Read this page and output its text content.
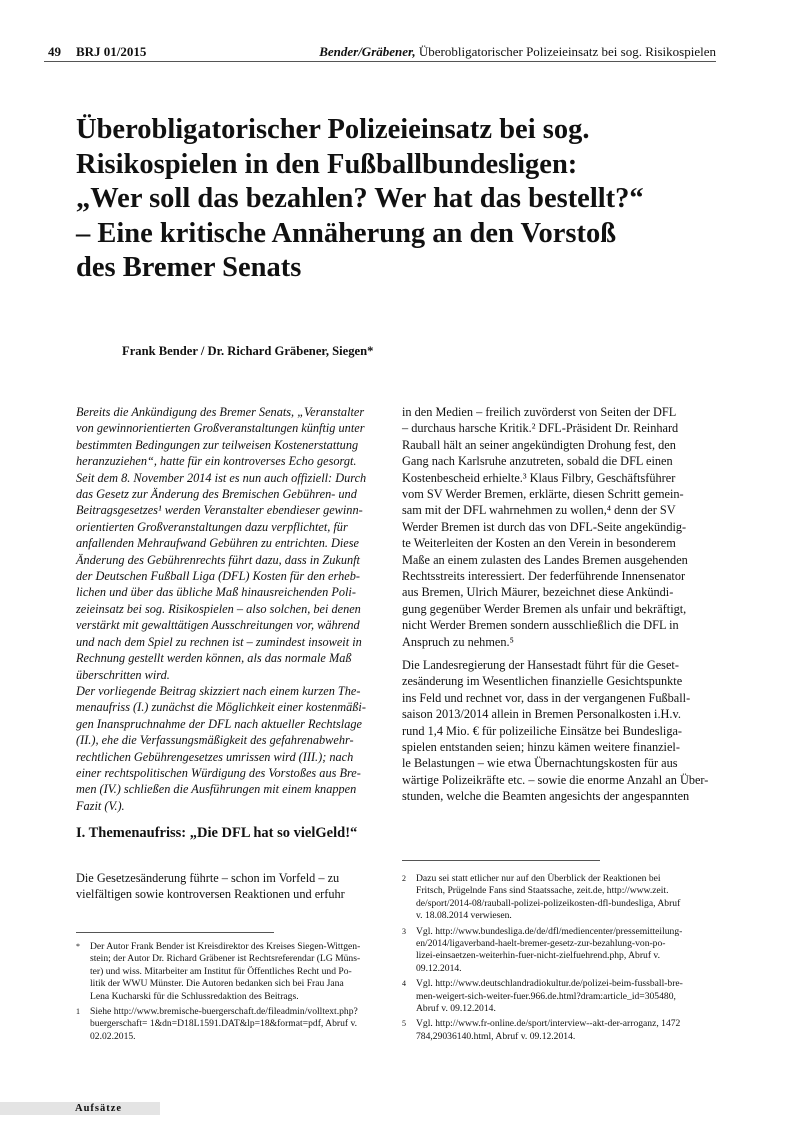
49 BRJ 01/2015	Bender/Gräbener, Überobligatorischer Polizeieinsatz bei sog. Risikospielen
Überobligatorischer Polizeieinsatz bei sog.
Risikospielen in den Fußballbundesligen:
„Wer soll das bezahlen? Wer hat das bestellt?“
– Eine kritische Annäherung an den Vorstoß
des Bremer Senats
Frank Bender / Dr. Richard Gräbener, Siegen*
Bereits die Ankündigung des Bremer Senats, „Veranstalter
von gewinnorientierten Großveranstaltungen künftig unter
bestimmten Bedingungen zur teilweisen Kostenerstattung
heranzuziehen“, hatte für ein kontroverses Echo gesorgt.
Seit dem 8. November 2014 ist es nun auch offiziell: Durch
das Gesetz zur Änderung des Bremischen Gebühren- und
Beitragsgesetzes¹ werden Veranstalter ebendieser gewinn-
orientierten Großveranstaltungen dazu verpflichtet, für
anfallenden Mehraufwand Gebühren zu entrichten. Diese
Änderung des Gebührenrechts führt dazu, dass in Zukunft
der Deutschen Fußball Liga (DFL) Kosten für den erheb-
lichen und über das übliche Maß hinausreichenden Poli-
zeieinsatz bei sog. Risikospielen – also solchen, bei denen
verstärkt mit gewalttätigen Ausschreitungen vor, während
und nach dem Spiel zu rechnen ist – zumindest insoweit in
Rechnung gestellt werden können, als das normale Maß
überschritten wird.
Der vorliegende Beitrag skizziert nach einem kurzen The-
menaufriss (I.) zunächst die Möglichkeit einer kostenmäßi-
gen Inanspruchnahme der DFL nach aktueller Rechtslage
(II.), ehe die Verfassungsmäßigkeit des gefahrenabwehr-
rechtlichen Gebührengesetzes umrissen wird (III.); nach
einer rechtspolitischen Würdigung des Vorstoßes aus Bre-
men (IV.) schließen die Ausführungen mit einem knappen
Fazit (V.).
in den Medien – freilich zuvörderst von Seiten der DFL
– durchaus harsche Kritik.² DFL-Präsident Dr. Reinhard
Rauball hält an seiner angekündigten Drohung fest, den
Gang nach Karlsruhe anzutreten, sobald die DFL einen
Kostenbescheid erhielte.³ Klaus Filbry, Geschäftsführer
vom SV Werder Bremen, erklärte, diesen Schritt gemein-
sam mit der DFL wahrnehmen zu wollen,⁴ denn der SV
Werder Bremen ist durch das von DFL-Seite angekündig-
te Weiterleiten der Kosten an den Verein in besonderem
Maße an einem zulasten des Landes Bremen ausgehenden
Rechtsstreits interessiert. Der federführende Innensenator
aus Bremen, Ulrich Mäurer, bezeichnet diese Ankündi-
gung gegenüber Werder Bremen als unfair und bekräftigt,
nicht Werder Bremen sondern ausschließlich die DFL in
Anspruch zu nehmen.⁵
Die Landesregierung der Hansestadt führt für die Geset-
zesänderung im Wesentlichen finanzielle Gesichtspunkte
ins Feld und rechnet vor, dass in der vergangenen Fußball-
saison 2013/2014 allein in Bremen Personalkosten i.H.v.
rund 1,4 Mio. € für polizeiliche Einsätze bei Bundesliga-
spielen entstanden seien; hinzu kämen weitere finanziel-
le Belastungen – wie etwa Übernachtungskosten für aus
wärtige Polizeikräfte etc. – sowie die enorme Anzahl an Über-
stunden, welche die Beamten angesichts der angespannten
I. Themenaufriss: „Die DFL hat so vielGeld!“
Die Gesetzesänderung führte – schon im Vorfeld – zu
vielfältigen sowie kontroversen Reaktionen und erfuhr
* Der Autor Frank Bender ist Kreisdirektor des Kreises Siegen-Wittgen-
stein; der Autor Dr. Richard Gräbener ist Rechtsreferendar (LG Müns-
ter) und wiss. Mitarbeiter am Institut für Öffentliches Recht und Po-
litik der WWU Münster. Die Autoren bedanken sich bei Frau Jana
Lena Kucharski für die Schlussredaktion des Beitrags.
1 Siehe http://www.bremische-buergerschaft.de/fileadmin/volltext.php?
buergerschaft= 1&dn=D18L1591.DAT&lp=18&format=pdf, Abruf v.
02.02.2015.
2 Dazu sei statt etlicher nur auf den Überblick der Reaktionen bei
Fritsch, Prügelnde Fans sind Staatssache, zeit.de, http://www.zeit.
de/sport/2014-08/rauball-polizei-polizeikosten-dfl-bundesliga, Abruf
v. 18.08.2014 verwiesen.
3 Vgl. http://www.bundesliga.de/de/dfl/mediencenter/pressemitteilung-
en/2014/ligaverband-haelt-bremer-gesetz-zur-bezahlung-von-po-
lizei-einsaetzen-weiterhin-fuer-nicht-zielfuehrend.php, Abruf v.
09.12.2014.
4 Vgl. http://www.deutschlandradiokultur.de/polizei-beim-fussball-bre-
men-weigert-sich-weiter-fuer.966.de.html?dram:article_id=305480,
Abruf v. 09.12.2014.
5 Vgl. http://www.fr-online.de/sport/interview--akt-der-arroganz, 1472
784,29036140.html, Abruf v. 09.12.2014.
Aufsätze
